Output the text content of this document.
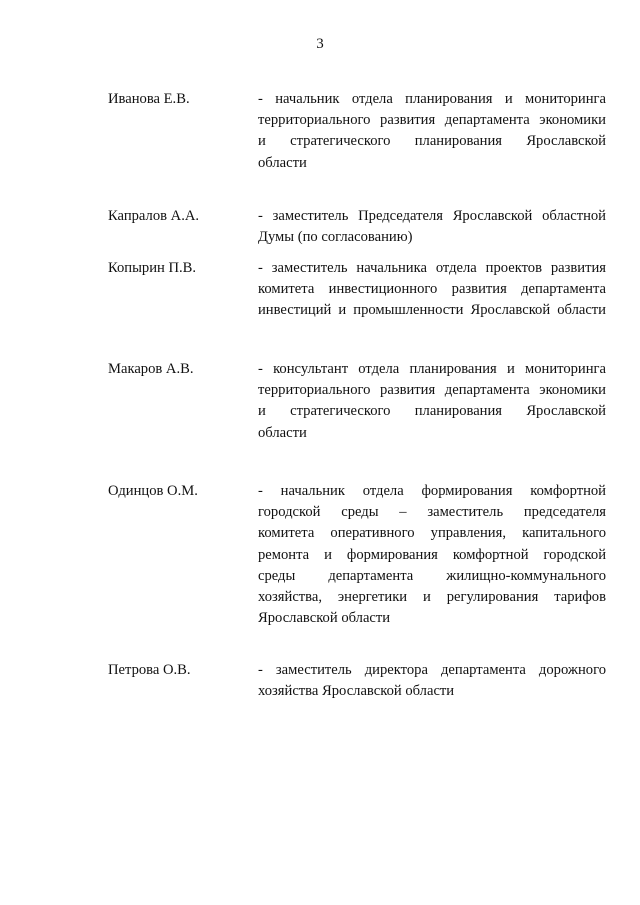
3
Иванова Е.В.	- начальник отдела планирования и мониторинга
территориального развития департамента экономики
и стратегического планирования Ярославской
области
Капралов А.А.	- заместитель Председателя Ярославской областной
Думы (по согласованию)
Копырин П.В.	- заместитель начальника отдела проектов развития
комитета инвестиционного развития департамента
инвестиций и промышленности Ярославской области
Макаров А.В.	- консультант отдела планирования и мониторинга
территориального развития департамента экономики
и стратегического планирования Ярославской
области
Одинцов О.М.	- начальник отдела формирования комфортной
городской среды – заместитель председателя
комитета оперативного управления, капитального
ремонта и формирования комфортной городской
среды департамента жилищно-коммунального
хозяйства, энергетики и регулирования тарифов
Ярославской области
Петрова О.В.	- заместитель директора департамента дорожного
хозяйства Ярославской области
